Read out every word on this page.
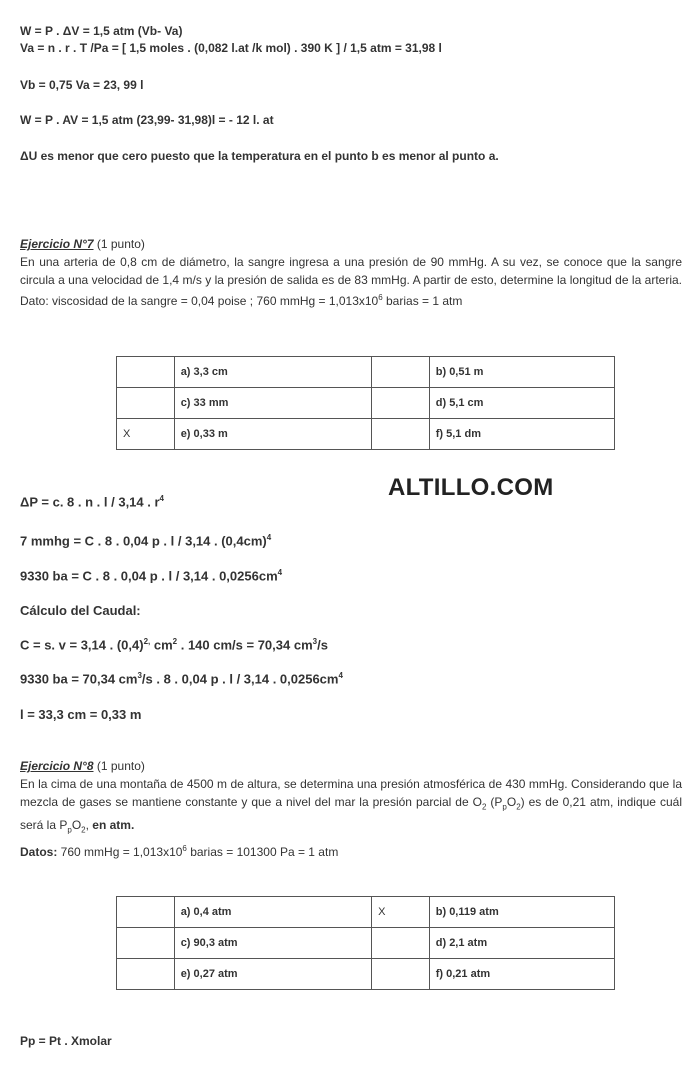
W = P . ΔV = 1,5 atm (Vb- Va)
Va = n . r . T /Pa = [ 1,5 moles . (0,082 l.at /k mol) . 390 K ] / 1,5 atm = 31,98 l
Vb = 0,75 Va = 23, 99 l
W = P . AV = 1,5 atm (23,99- 31,98)l = - 12 l. at
ΔU es menor que cero puesto que la temperatura en el punto b es menor al punto a.
Ejercicio N°7 (1 punto)
En una arteria de 0,8 cm de diámetro, la sangre ingresa a una presión de 90 mmHg. A su vez, se conoce que la sangre circula a una velocidad de 1,4 m/s y la presión de salida es de 83 mmHg. A partir de esto, determine la longitud de la arteria. Dato: viscosidad de la sangre = 0,04 poise ; 760 mmHg = $1,013x10^6$ barias = 1 atm
	a) 3,3 cm		b) 0,51 m
	c) 33 mm		d) 5,1 cm
X	e) 0,33 m		f) 5,1 dm
ALTILLO.COM
ΔP = c. 8 . n . l / 3,14 . $r^4$
7 mmhg = C . 8 . 0,04 p . l / 3,14 . $(0,4cm)^4$
9330 ba = C . 8 . 0,04 p . l / 3,14 . $0,0256cm^4$
Cálculo del Caudal:
C = s. v = 3,14 . $(0,4)^{2,}$ $cm^2$ . 140 cm/s = 70,34 $cm^3/s$
9330 ba = 70,34 $cm^3/s$ . 8 . 0,04 p . l / 3,14 . $0,0256cm^4$
l = 33,3 cm = 0,33 m
Ejercicio N°8 (1 punto)
En la cima de una montaña de 4500 m de altura, se determina una presión atmosférica de 430 mmHg. Considerando que la mezcla de gases se mantiene constante y que a nivel del mar la presión parcial de $O_2$ $(P_pO_2)$ es de 0,21 atm, indique cuál será la $P_pO_2$, en atm.
Datos: 760 mmHg = $1,013x10^6$ barias = 101300 Pa = 1 atm
	a) 0,4 atm	X	b) 0,119 atm
	c) 90,3 atm		d) 2,1 atm
	e) 0,27 atm		f) 0,21 atm
Pp = Pt . Xmolar
